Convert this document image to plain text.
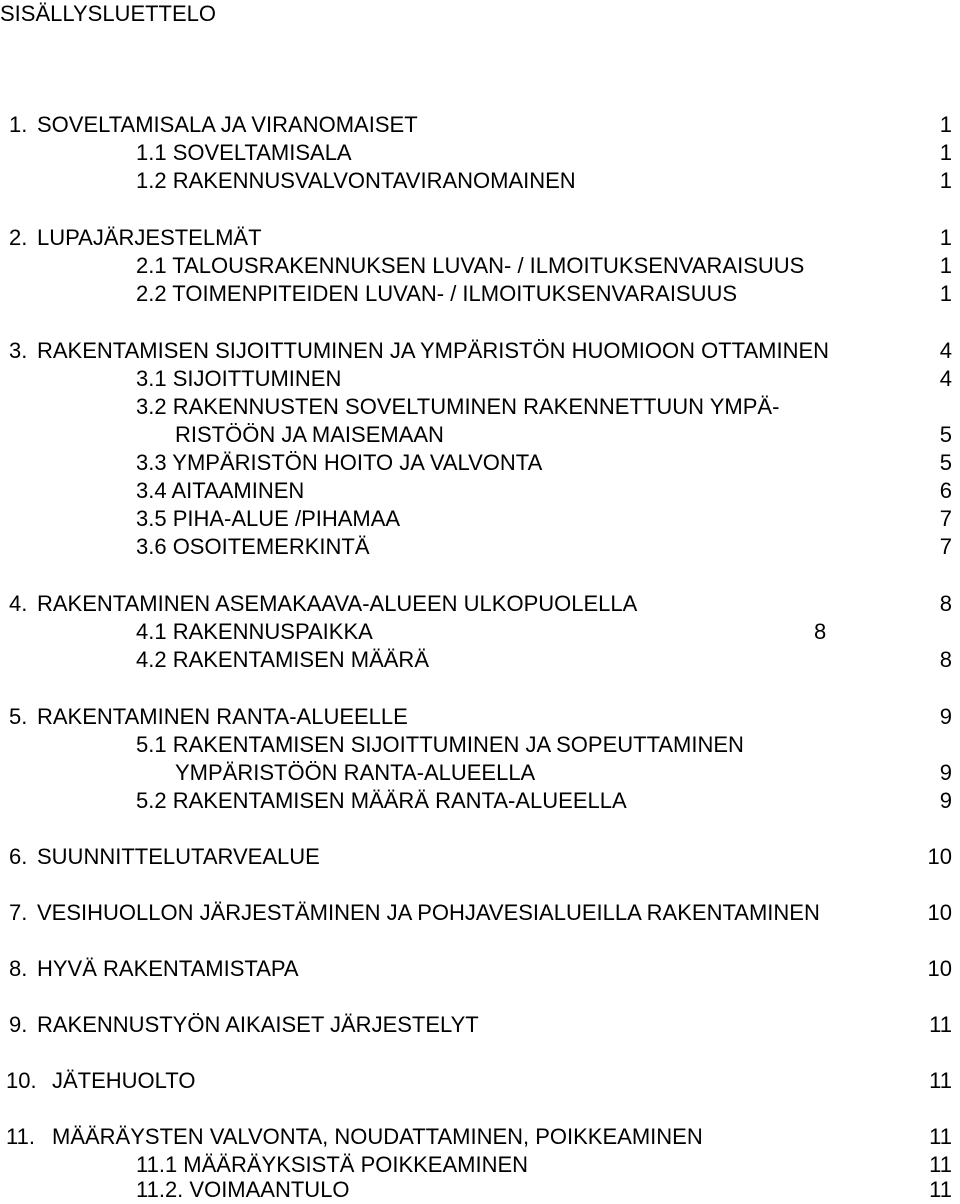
SISÄLLYSLUETTELO
1. SOVELTAMISALA JA VIRANOMAISET	1
1.1 SOVELTAMISALA	1
1.2 RAKENNUSVALVONTAVIRANOMAINEN	1
2. LUPAJÄRJESTELMÄT	1
2.1 TALOUSRAKENNUKSEN LUVAN- / ILMOITUKSENVARAISUUS	1
2.2 TOIMENPITEIDEN LUVAN- / ILMOITUKSENVARAISUUS	1
3. RAKENTAMISEN SIJOITTUMINEN JA YMPÄRISTÖN HUOMIOON OTTAMINEN	4
3.1 SIJOITTUMINEN	4
3.2 RAKENNUSTEN SOVELTUMINEN RAKENNETTUUN YMPÄ-
RISTÖÖN JA MAISEMAAN	5
3.3 YMPÄRISTÖN HOITO JA VALVONTA	5
3.4 AITAAMINEN	6
3.5 PIHA-ALUE /PIHAMAA	7
3.6 OSOITEMERKINTÄ	7
4. RAKENTAMINEN ASEMAKAAVA-ALUEEN ULKOPUOLELLA	8
4.1 RAKENNUSPAIKKA	8
4.2 RAKENTAMISEN MÄÄRÄ	8
5. RAKENTAMINEN RANTA-ALUEELLE	9
5.1 RAKENTAMISEN SIJOITTUMINEN JA SOPEUTTAMINEN
YMPÄRISTÖÖN RANTA-ALUEELLA	9
5.2 RAKENTAMISEN MÄÄRÄ RANTA-ALUEELLA	9
6. SUUNNITTELUTARVEALUE	10
7. VESIHUOLLON JÄRJESTÄMINEN JA POHJAVESIALUEILLA RAKENTAMINEN	10
8. HYVÄ RAKENTAMISTAPA	10
9. RAKENNUSTYÖN AIKAISET JÄRJESTELYT	11
10. JÄTEHUOLTO	11
11. MÄÄRÄYSTEN VALVONTA, NOUDATTAMINEN, POIKKEAMINEN	11
11.1 MÄÄRÄYKSISTÄ POIKKEAMINEN	11
11.2. VOIMAANTULO	11
